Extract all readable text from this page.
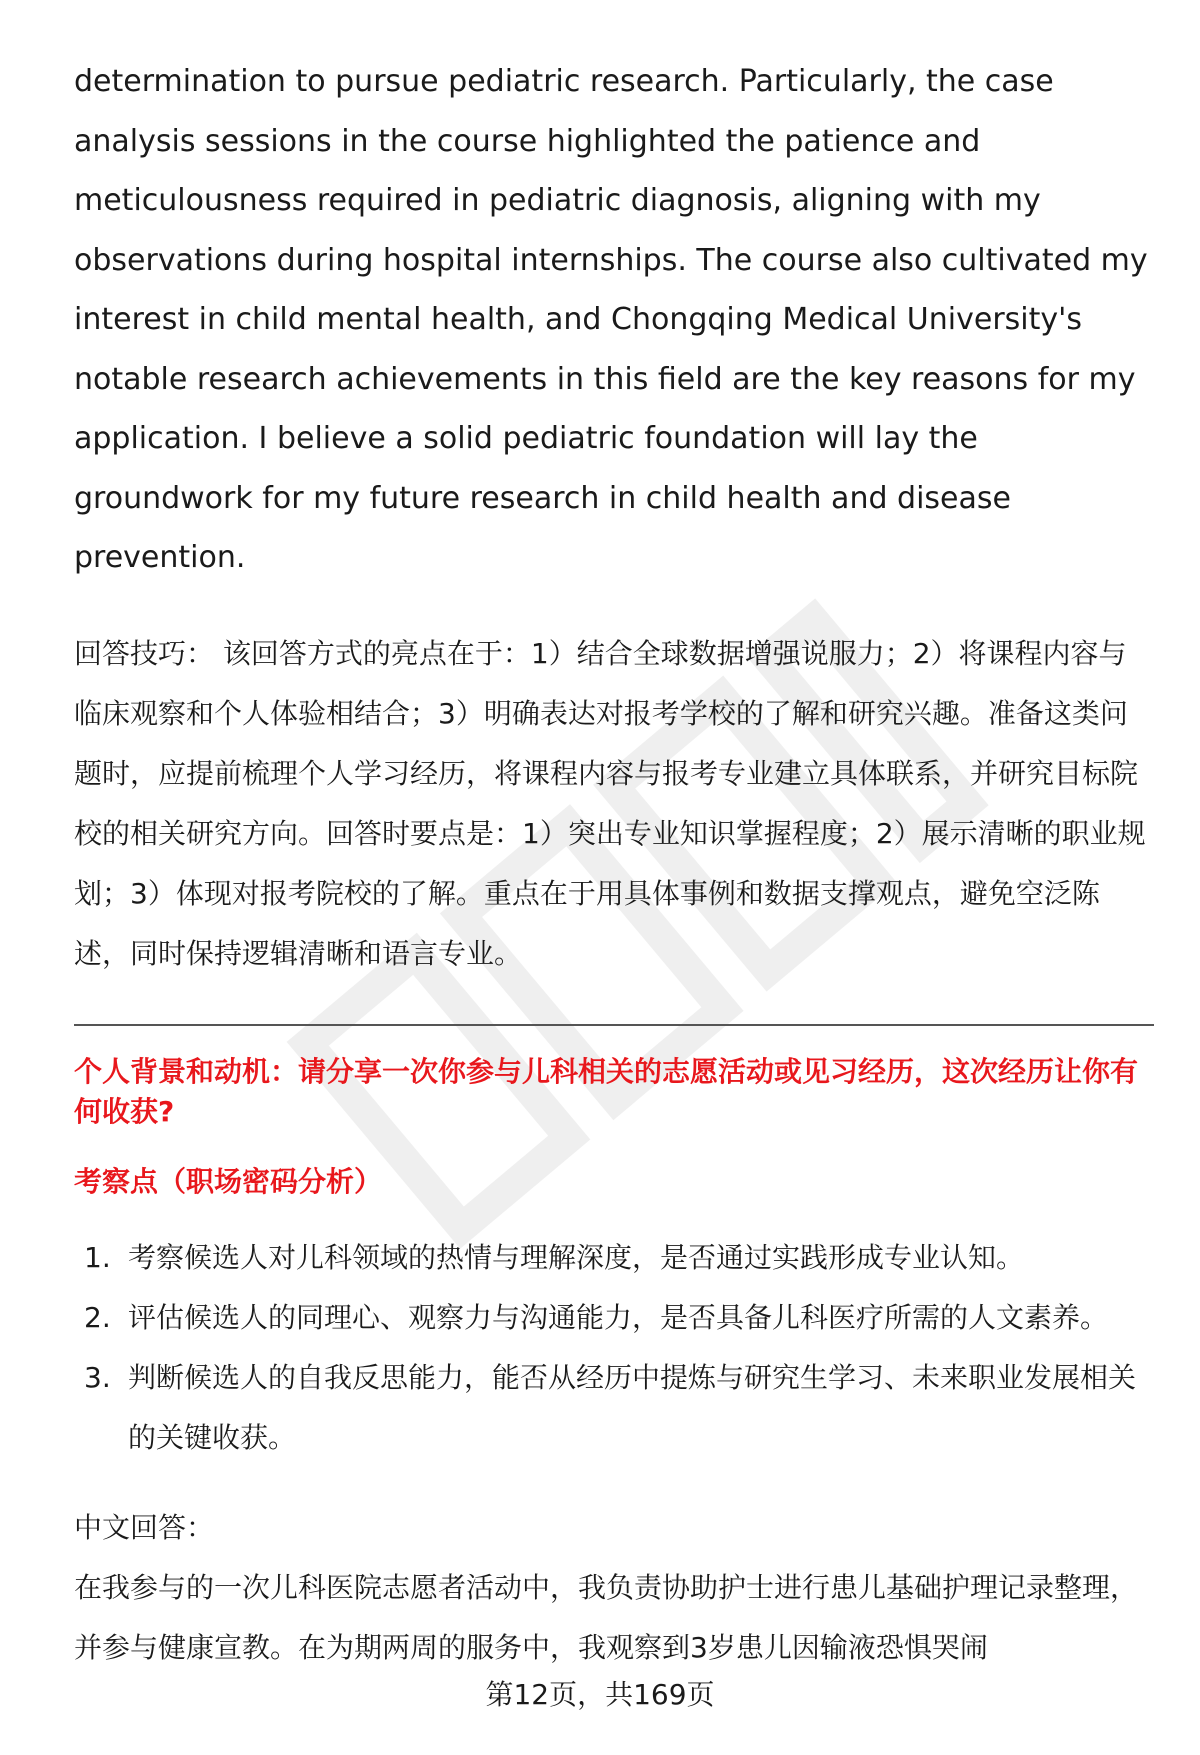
determination to pursue pediatric research. Particularly, the case analysis sessions in the course highlighted the patience and meticulousness required in pediatric diagnosis, aligning with my observations during hospital internships. The course also cultivated my interest in child mental health, and Chongqing Medical University's notable research achievements in this field are the key reasons for my application. I believe a solid pediatric foundation will lay the groundwork for my future research in child health and disease prevention.

回答技巧： 该回答方式的亮点在于：1）结合全球数据增强说服力；2）将课程内容与临床观察和个人体验相结合；3）明确表达对报考学校的了解和研究兴趣。准备这类问题时，应提前梳理个人学习经历，将课程内容与报考专业建立具体联系，并研究目标院校的相关研究方向。回答时要点是：1）突出专业知识掌握程度；2）展示清晰的职业规划；3）体现对报考院校的了解。重点在于用具体事例和数据支撑观点，避免空泛陈述，同时保持逻辑清晰和语言专业。

个人背景和动机：请分享一次你参与儿科相关的志愿活动或见习经历，这次经历让你有何收获?

考察点（职场密码分析）

1. 考察候选人对儿科领域的热情与理解深度，是否通过实践形成专业认知。
2. 评估候选人的同理心、观察力与沟通能力，是否具备儿科医疗所需的人文素养。
3. 判断候选人的自我反思能力，能否从经历中提炼与研究生学习、未来职业发展相关的关键收获。

中文回答：

在我参与的一次儿科医院志愿者活动中，我负责协助护士进行患儿基础护理记录整理，并参与健康宣教。在为期两周的服务中，我观察到3岁患儿因输液恐惧哭闹

第12页，共169页
